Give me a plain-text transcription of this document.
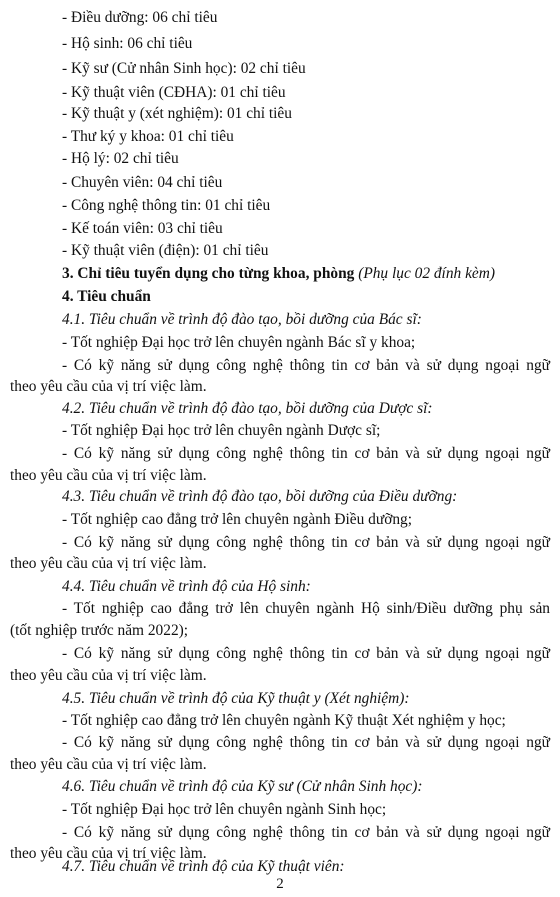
- Điều dưỡng: 06 chỉ tiêu
- Hộ sinh: 06 chỉ tiêu
- Kỹ sư (Cử nhân Sinh học): 02 chỉ tiêu
- Kỹ thuật viên (CĐHA): 01 chỉ tiêu
- Kỹ thuật y (xét nghiệm): 01 chỉ tiêu
- Thư ký y khoa: 01 chỉ tiêu
- Hộ lý: 02 chỉ tiêu
- Chuyên viên: 04 chỉ tiêu
- Công nghệ thông tin: 01 chỉ tiêu
- Kế toán viên: 03 chỉ tiêu
- Kỹ thuật viên (điện): 01 chỉ tiêu
3. Chỉ tiêu tuyển dụng cho từng khoa, phòng (Phụ lục 02 đính kèm)
4. Tiêu chuẩn
4.1. Tiêu chuẩn về trình độ đào tạo, bồi dưỡng của Bác sĩ:
- Tốt nghiệp Đại học trở lên chuyên ngành Bác sĩ y khoa;
- Có kỹ năng sử dụng công nghệ thông tin cơ bản và sử dụng ngoại ngữ
theo yêu cầu của vị trí việc làm.
4.2. Tiêu chuẩn về trình độ đào tạo, bồi dưỡng của Dược sĩ:
- Tốt nghiệp Đại học trở lên chuyên ngành Dược sĩ;
- Có kỹ năng sử dụng công nghệ thông tin cơ bản và sử dụng ngoại ngữ
theo yêu cầu của vị trí việc làm.
4.3. Tiêu chuẩn về trình độ đào tạo, bồi dưỡng của Điều dưỡng:
- Tốt nghiệp cao đẳng trở lên chuyên ngành Điều dưỡng;
- Có kỹ năng sử dụng công nghệ thông tin cơ bản và sử dụng ngoại ngữ
theo yêu cầu của vị trí việc làm.
4.4. Tiêu chuẩn về trình độ của Hộ sinh:
- Tốt nghiệp cao đẳng trở lên chuyên ngành Hộ sinh/Điều dưỡng phụ sản
(tốt nghiệp trước năm 2022);
- Có kỹ năng sử dụng công nghệ thông tin cơ bản và sử dụng ngoại ngữ
theo yêu cầu của vị trí việc làm.
4.5. Tiêu chuẩn về trình độ của Kỹ thuật y (Xét nghiệm):
- Tốt nghiệp cao đẳng trở lên chuyên ngành Kỹ thuật Xét nghiệm y học;
- Có kỹ năng sử dụng công nghệ thông tin cơ bản và sử dụng ngoại ngữ
theo yêu cầu của vị trí việc làm.
4.6. Tiêu chuẩn về trình độ của Kỹ sư (Cử nhân Sinh học):
- Tốt nghiệp Đại học trở lên chuyên ngành Sinh học;
- Có kỹ năng sử dụng công nghệ thông tin cơ bản và sử dụng ngoại ngữ
theo yêu cầu của vị trí việc làm.
4.7. Tiêu chuẩn về trình độ của Kỹ thuật viên:
2
